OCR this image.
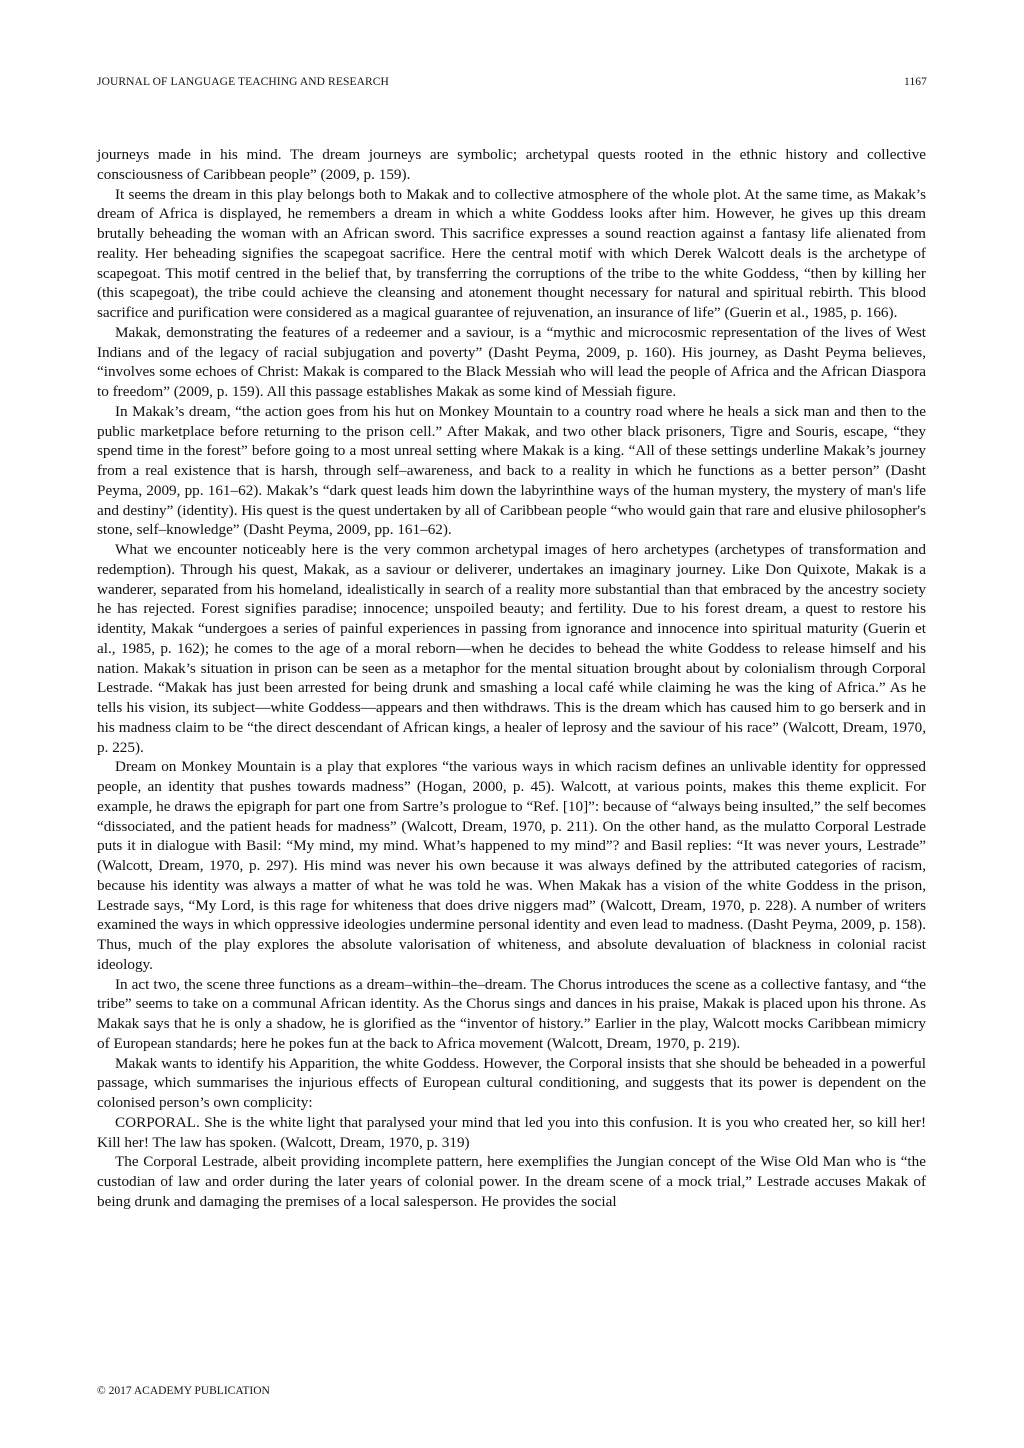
JOURNAL OF LANGUAGE TEACHING AND RESEARCH	1167

journeys made in his mind. The dream journeys are symbolic; archetypal quests rooted in the ethnic history and collective consciousness of Caribbean people” (2009, p. 159).

It seems the dream in this play belongs both to Makak and to collective atmosphere of the whole plot. At the same time, as Makak’s dream of Africa is displayed, he remembers a dream in which a white Goddess looks after him. However, he gives up this dream brutally beheading the woman with an African sword. This sacrifice expresses a sound reaction against a fantasy life alienated from reality. Her beheading signifies the scapegoat sacrifice. Here the central motif with which Derek Walcott deals is the archetype of scapegoat. This motif centred in the belief that, by transferring the corruptions of the tribe to the white Goddess, “then by killing her (this scapegoat), the tribe could achieve the cleansing and atonement thought necessary for natural and spiritual rebirth. This blood sacrifice and purification were considered as a magical guarantee of rejuvenation, an insurance of life” (Guerin et al., 1985, p. 166).

Makak, demonstrating the features of a redeemer and a saviour, is a “mythic and microcosmic representation of the lives of West Indians and of the legacy of racial subjugation and poverty” (Dasht Peyma, 2009, p. 160). His journey, as Dasht Peyma believes, “involves some echoes of Christ: Makak is compared to the Black Messiah who will lead the people of Africa and the African Diaspora to freedom” (2009, p. 159). All this passage establishes Makak as some kind of Messiah figure.

In Makak’s dream, “the action goes from his hut on Monkey Mountain to a country road where he heals a sick man and then to the public marketplace before returning to the prison cell.” After Makak, and two other black prisoners, Tigre and Souris, escape, “they spend time in the forest” before going to a most unreal setting where Makak is a king. “All of these settings underline Makak’s journey from a real existence that is harsh, through self–awareness, and back to a reality in which he functions as a better person” (Dasht Peyma, 2009, pp. 161–62). Makak’s “dark quest leads him down the labyrinthine ways of the human mystery, the mystery of man's life and destiny” (identity). His quest is the quest undertaken by all of Caribbean people “who would gain that rare and elusive philosopher's stone, self–knowledge” (Dasht Peyma, 2009, pp. 161–62).

What we encounter noticeably here is the very common archetypal images of hero archetypes (archetypes of transformation and redemption). Through his quest, Makak, as a saviour or deliverer, undertakes an imaginary journey. Like Don Quixote, Makak is a wanderer, separated from his homeland, idealistically in search of a reality more substantial than that embraced by the ancestry society he has rejected. Forest signifies paradise; innocence; unspoiled beauty; and fertility. Due to his forest dream, a quest to restore his identity, Makak “undergoes a series of painful experiences in passing from ignorance and innocence into spiritual maturity (Guerin et al., 1985, p. 162); he comes to the age of a moral reborn—when he decides to behead the white Goddess to release himself and his nation. Makak’s situation in prison can be seen as a metaphor for the mental situation brought about by colonialism through Corporal Lestrade. “Makak has just been arrested for being drunk and smashing a local café while claiming he was the king of Africa.” As he tells his vision, its subject—white Goddess—appears and then withdraws. This is the dream which has caused him to go berserk and in his madness claim to be “the direct descendant of African kings, a healer of leprosy and the saviour of his race” (Walcott, Dream, 1970, p. 225).

Dream on Monkey Mountain is a play that explores “the various ways in which racism defines an unlivable identity for oppressed people, an identity that pushes towards madness” (Hogan, 2000, p. 45). Walcott, at various points, makes this theme explicit. For example, he draws the epigraph for part one from Sartre’s prologue to “Ref. [10]”: because of “always being insulted,” the self becomes “dissociated, and the patient heads for madness” (Walcott, Dream, 1970, p. 211). On the other hand, as the mulatto Corporal Lestrade puts it in dialogue with Basil: “My mind, my mind. What’s happened to my mind”? and Basil replies: “It was never yours, Lestrade” (Walcott, Dream, 1970, p. 297). His mind was never his own because it was always defined by the attributed categories of racism, because his identity was always a matter of what he was told he was. When Makak has a vision of the white Goddess in the prison, Lestrade says, “My Lord, is this rage for whiteness that does drive niggers mad” (Walcott, Dream, 1970, p. 228). A number of writers examined the ways in which oppressive ideologies undermine personal identity and even lead to madness. (Dasht Peyma, 2009, p. 158). Thus, much of the play explores the absolute valorisation of whiteness, and absolute devaluation of blackness in colonial racist ideology.

In act two, the scene three functions as a dream–within–the–dream. The Chorus introduces the scene as a collective fantasy, and “the tribe” seems to take on a communal African identity. As the Chorus sings and dances in his praise, Makak is placed upon his throne. As Makak says that he is only a shadow, he is glorified as the “inventor of history.” Earlier in the play, Walcott mocks Caribbean mimicry of European standards; here he pokes fun at the back to Africa movement (Walcott, Dream, 1970, p. 219).

Makak wants to identify his Apparition, the white Goddess. However, the Corporal insists that she should be beheaded in a powerful passage, which summarises the injurious effects of European cultural conditioning, and suggests that its power is dependent on the colonised person’s own complicity:

CORPORAL. She is the white light that paralysed your mind that led you into this confusion. It is you who created her, so kill her! Kill her! The law has spoken. (Walcott, Dream, 1970, p. 319)

The Corporal Lestrade, albeit providing incomplete pattern, here exemplifies the Jungian concept of the Wise Old Man who is “the custodian of law and order during the later years of colonial power. In the dream scene of a mock trial,” Lestrade accuses Makak of being drunk and damaging the premises of a local salesperson. He provides the social

© 2017 ACADEMY PUBLICATION
